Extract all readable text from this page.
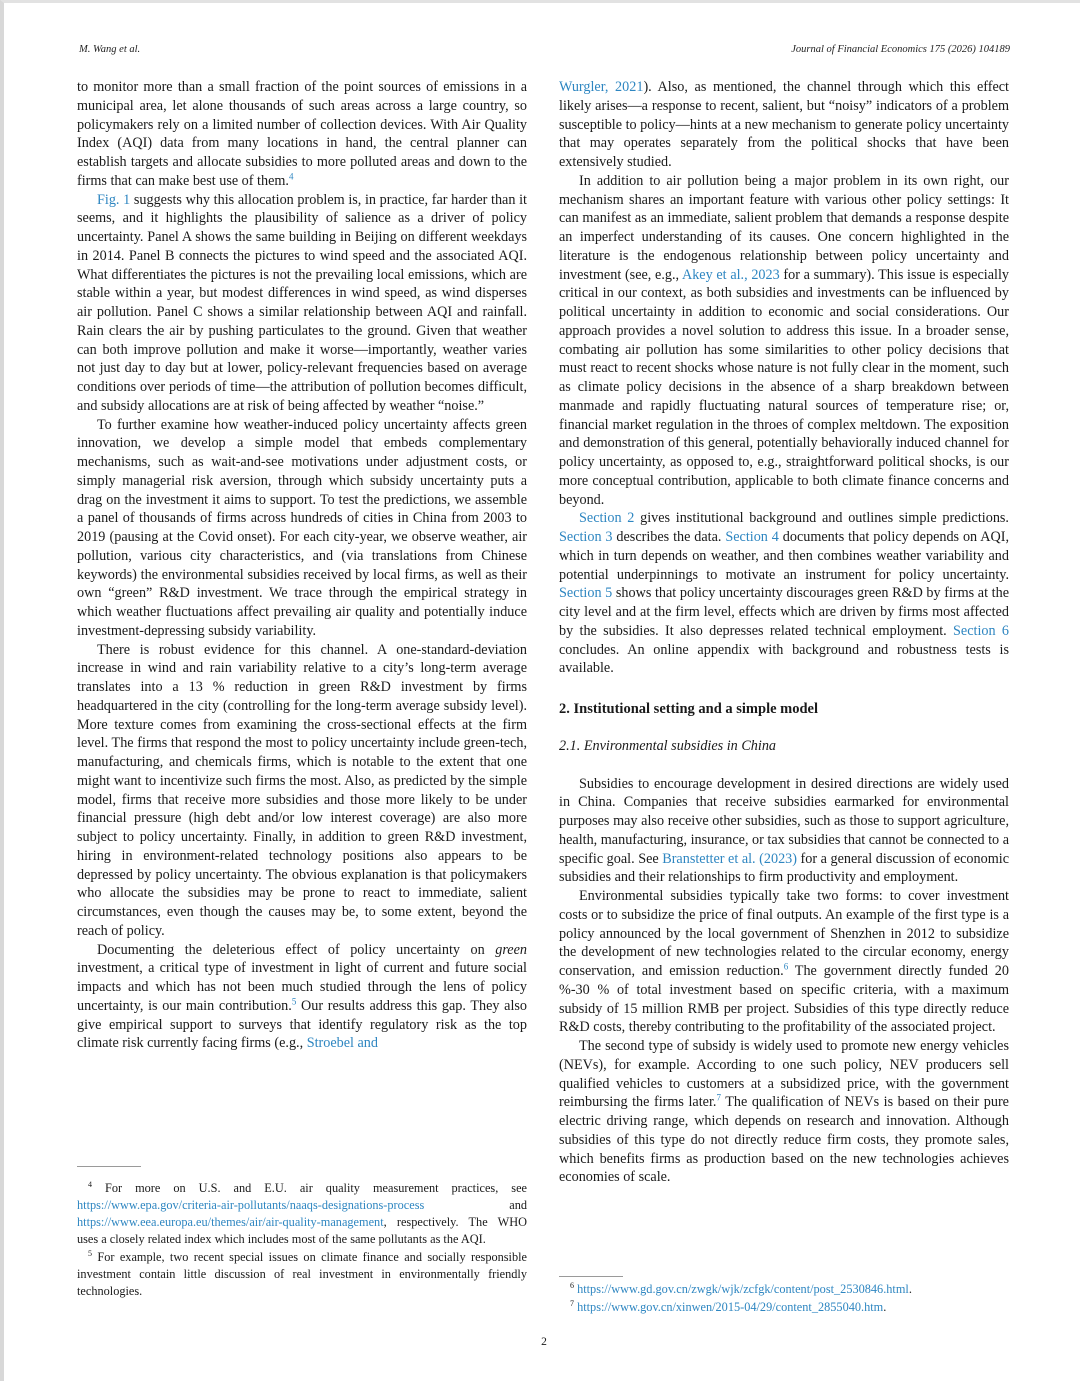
M. Wang et al.	Journal of Financial Economics 175 (2026) 104189

to monitor more than a small fraction of the point sources of emissions in a municipal area, let alone thousands of such areas across a large country, so policymakers rely on a limited number of collection devices. With Air Quality Index (AQI) data from many locations in hand, the central planner can establish targets and allocate subsidies to more polluted areas and down to the firms that can make best use of them.$^4$

Fig. 1 suggests why this allocation problem is, in practice, far harder than it seems, and it highlights the plausibility of salience as a driver of policy uncertainty. Panel A shows the same building in Beijing on different weekdays in 2014. Panel B connects the pictures to wind speed and the associated AQI. What differentiates the pictures is not the prevailing local emissions, which are stable within a year, but modest differences in wind speed, as wind disperses air pollution. Panel C shows a similar relationship between AQI and rainfall. Rain clears the air by pushing particulates to the ground. Given that weather can both improve pollution and make it worse—importantly, weather varies not just day to day but at lower, policy-relevant frequencies based on average conditions over periods of time—the attribution of pollution becomes difficult, and subsidy allocations are at risk of being affected by weather “noise.”

To further examine how weather-induced policy uncertainty affects green innovation, we develop a simple model that embeds complementary mechanisms, such as wait-and-see motivations under adjustment costs, or simply managerial risk aversion, through which subsidy uncertainty puts a drag on the investment it aims to support. To test the predictions, we assemble a panel of thousands of firms across hundreds of cities in China from 2003 to 2019 (pausing at the Covid onset). For each city-year, we observe weather, air pollution, various city characteristics, and (via translations from Chinese keywords) the environmental subsidies received by local firms, as well as their own “green” R&D investment. We trace through the empirical strategy in which weather fluctuations affect prevailing air quality and potentially induce investment-depressing subsidy variability.

There is robust evidence for this channel. A one-standard-deviation increase in wind and rain variability relative to a city’s long-term average translates into a 13 % reduction in green R&D investment by firms headquartered in the city (controlling for the long-term average subsidy level). More texture comes from examining the cross-sectional effects at the firm level. The firms that respond the most to policy uncertainty include green-tech, manufacturing, and chemicals firms, which is notable to the extent that one might want to incentivize such firms the most. Also, as predicted by the simple model, firms that receive more subsidies and those more likely to be under financial pressure (high debt and/or low interest coverage) are also more subject to policy uncertainty. Finally, in addition to green R&D investment, hiring in environment-related technology positions also appears to be depressed by policy uncertainty. The obvious explanation is that policymakers who allocate the subsidies may be prone to react to immediate, salient circumstances, even though the causes may be, to some extent, beyond the reach of policy.

Documenting the deleterious effect of policy uncertainty on green investment, a critical type of investment in light of current and future social impacts and which has not been much studied through the lens of policy uncertainty, is our main contribution.$^5$ Our results address this gap. They also give empirical support to surveys that identify regulatory risk as the top climate risk currently facing firms (e.g., Stroebel and

Wurgler, 2021). Also, as mentioned, the channel through which this effect likely arises—a response to recent, salient, but “noisy” indicators of a problem susceptible to policy—hints at a new mechanism to generate policy uncertainty that may operates separately from the political shocks that have been extensively studied.

In addition to air pollution being a major problem in its own right, our mechanism shares an important feature with various other policy settings: It can manifest as an immediate, salient problem that demands a response despite an imperfect understanding of its causes. One concern highlighted in the literature is the endogenous relationship between policy uncertainty and investment (see, e.g., Akey et al., 2023 for a summary). This issue is especially critical in our context, as both subsidies and investments can be influenced by political uncertainty in addition to economic and social considerations. Our approach provides a novel solution to address this issue. In a broader sense, combating air pollution has some similarities to other policy decisions that must react to recent shocks whose nature is not fully clear in the moment, such as climate policy decisions in the absence of a sharp breakdown between manmade and rapidly fluctuating natural sources of temperature rise; or, financial market regulation in the throes of complex meltdown. The exposition and demonstration of this general, potentially behaviorally induced channel for policy uncertainty, as opposed to, e.g., straightforward political shocks, is our more conceptual contribution, applicable to both climate finance concerns and beyond.

Section 2 gives institutional background and outlines simple predictions. Section 3 describes the data. Section 4 documents that policy depends on AQI, which in turn depends on weather, and then combines weather variability and potential underpinnings to motivate an instrument for policy uncertainty. Section 5 shows that policy uncertainty discourages green R&D by firms at the city level and at the firm level, effects which are driven by firms most affected by the subsidies. It also depresses related technical employment. Section 6 concludes. An online appendix with background and robustness tests is available.

2. Institutional setting and a simple model
2.1. Environmental subsidies in China

Subsidies to encourage development in desired directions are widely used in China. Companies that receive subsidies earmarked for environmental purposes may also receive other subsidies, such as those to support agriculture, health, manufacturing, insurance, or tax subsidies that cannot be connected to a specific goal. See Branstetter et al. (2023) for a general discussion of economic subsidies and their relationships to firm productivity and employment.

Environmental subsidies typically take two forms: to cover investment costs or to subsidize the price of final outputs. An example of the first type is a policy announced by the local government of Shenzhen in 2012 to subsidize the development of new technologies related to the circular economy, energy conservation, and emission reduction.$^6$ The government directly funded 20 %-30 % of total investment based on specific criteria, with a maximum subsidy of 15 million RMB per project. Subsidies of this type directly reduce R&D costs, thereby contributing to the profitability of the associated project.

The second type of subsidy is widely used to promote new energy vehicles (NEVs), for example. According to one such policy, NEV producers sell qualified vehicles to customers at a subsidized price, with the government reimbursing the firms later.$^7$ The qualification of NEVs is based on their pure electric driving range, which depends on research and innovation. Although subsidies of this type do not directly reduce firm costs, they promote sales, which benefits firms as production based on the new technologies achieves economies of scale.

$^4$ For more on U.S. and E.U. air quality measurement practices, see https://www.epa.gov/criteria-air-pollutants/naaqs-designations-process and https://www.eea.europa.eu/themes/air/air-quality-management, respectively. The WHO uses a closely related index which includes most of the same pollutants as the AQI.

$^5$ For example, two recent special issues on climate finance and socially responsible investment contain little discussion of real investment in environmentally friendly technologies.	$^6$ https://www.gd.gov.cn/zwgk/wjk/zcfgk/content/post_2530846.html.

$^7$ https://www.gov.cn/xinwen/2015-04/29/content_2855040.htm.

2
